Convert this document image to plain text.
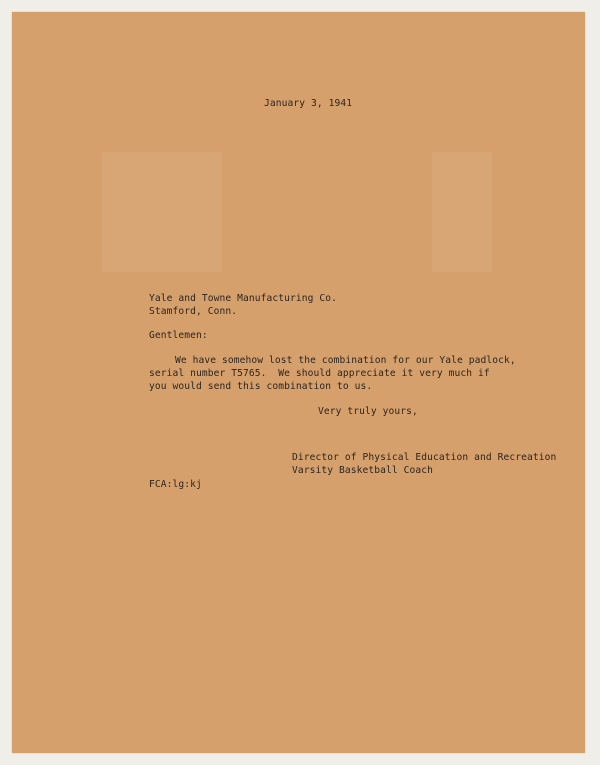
January 3, 1941
Yale and Towne Manufacturing Co.
Stamford, Conn.
Gentlemen:
We have somehow lost the combination for our Yale padlock,
serial number T5765.  We should appreciate it very much if
you would send this combination to us.
Very truly yours,
Director of Physical Education and Recreation
Varsity Basketball Coach
FCA:lg:kj
